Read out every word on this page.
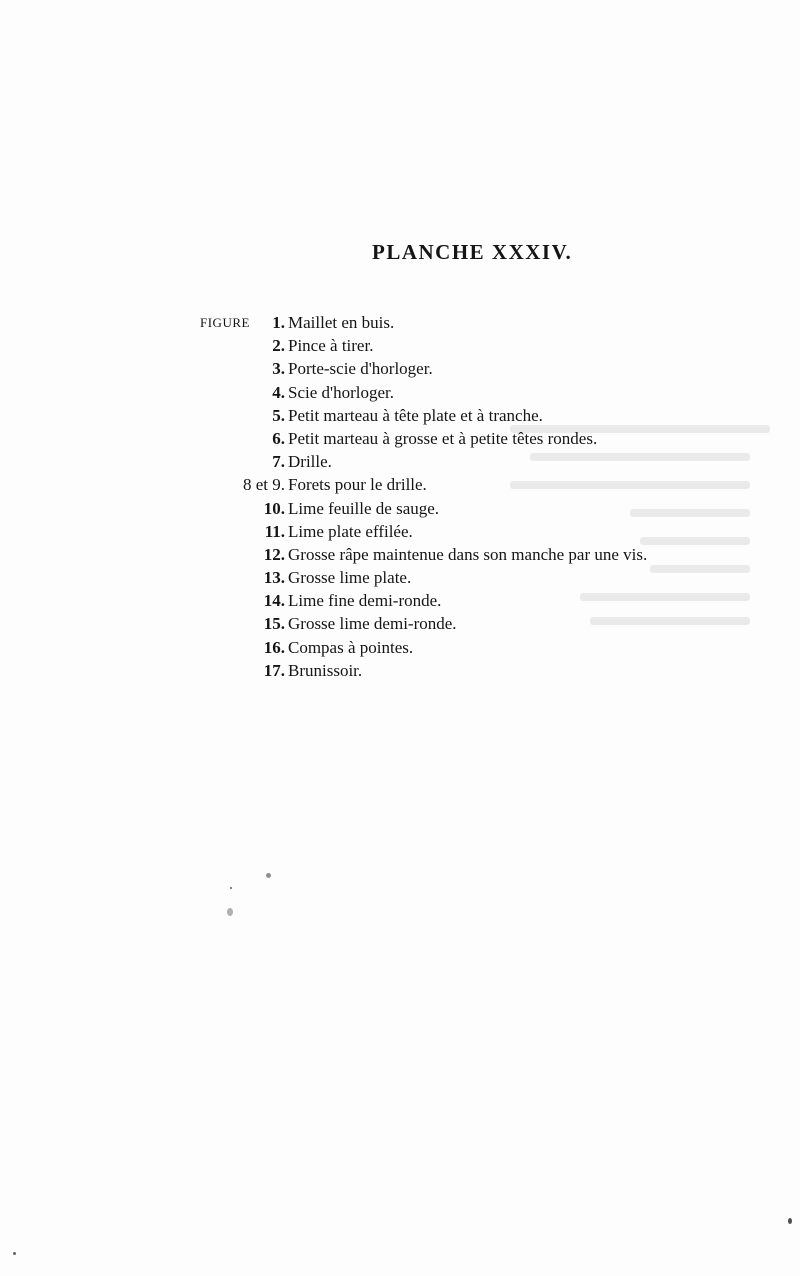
PLANCHE XXXIV.
FIGURE 1. Maillet en buis.
2. Pince à tirer.
3. Porte-scie d'horloger.
4. Scie d'horloger.
5. Petit marteau à tête plate et à tranche.
6. Petit marteau à grosse et à petite têtes rondes.
7. Drille.
8 et 9. Forets pour le drille.
10. Lime feuille de sauge.
11. Lime plate effilée.
12. Grosse râpe maintenue dans son manche par une vis.
13. Grosse lime plate.
14. Lime fine demi-ronde.
15. Grosse lime demi-ronde.
16. Compas à pointes.
17. Brunissoir.
